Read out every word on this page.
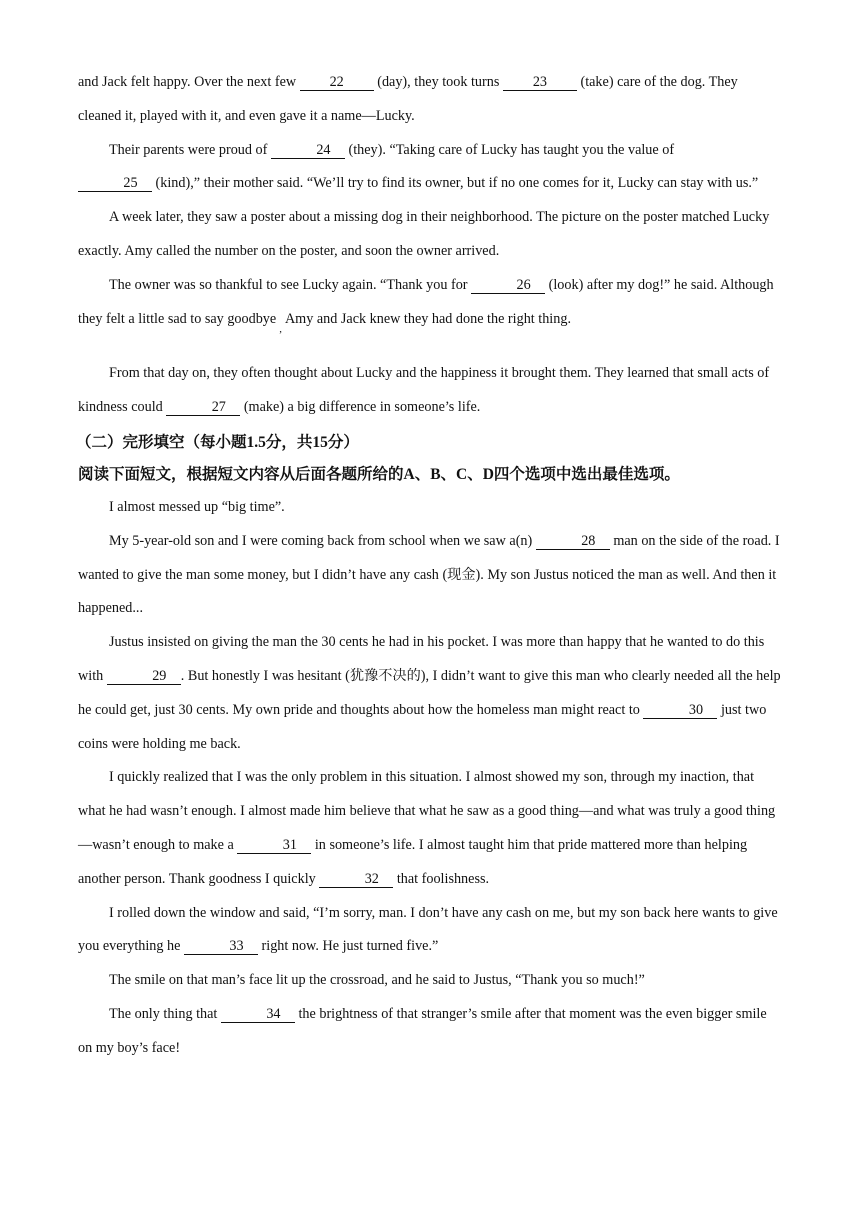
and Jack felt happy. Over the next few 22 (day), they took turns 23 (take) care of the dog. They cleaned it, played with it, and even gave it a name—Lucky.

Their parents were proud of	24 (they). “Taking care of Lucky has taught you the value of
25 (kind),” their mother said. “We’ll try to find its owner, but if no one comes for it, Lucky can stay with us.”

A week later, they saw a poster about a missing dog in their neighborhood. The picture on the poster matched Lucky exactly. Amy called the number on the poster, and soon the owner arrived.

The owner was so thankful to see Lucky again. “Thank you for	26 (look) after my dog!” he said. Although they felt a little sad to say goodbye$_,$Amy and Jack knew they had done the right thing.

From that day on, they often thought about Lucky and the happiness it brought them. They learned that small acts of kindness could	27 (make) a big difference in someone’s life.

（二）完形填空（每小题1.5分，共15分）
阅读下面短文，根据短文内容从后面各题所给的A、B、C、D四个选项中选出最佳选项。

I almost messed up “big time”.

My 5-year-old son and I were coming back from school when we saw a(n)	28 man on the side of the road. I wanted to give the man some money, but I didn’t have any cash (现金). My son Justus noticed the man as well. And then it happened...

Justus insisted on giving the man the 30 cents he had in his pocket. I was more than happy that he wanted to do this with	29 . But honestly I was hesitant (犹豫不决的), I didn’t want to give this man who clearly needed all the help he could get, just 30 cents. My own pride and thoughts about how the homeless man might react to	30 just two coins were holding me back.

I quickly realized that I was the only problem in this situation. I almost showed my son, through my inaction, that what he had wasn’t enough. I almost made him believe that what he saw as a good thing—and what was truly a good thing—wasn’t enough to make a	31 in someone’s life. I almost taught him that pride mattered more than helping another person. Thank goodness I quickly	32 that foolishness.

I rolled down the window and said, “I’m sorry, man. I don’t have any cash on me, but my son back here wants to give you everything he	33 right now. He just turned five.”

The smile on that man’s face lit up the crossroad, and he said to Justus, “Thank you so much!”

The only thing that	34 the brightness of that stranger’s smile after that moment was the even bigger smile on my boy’s face!
